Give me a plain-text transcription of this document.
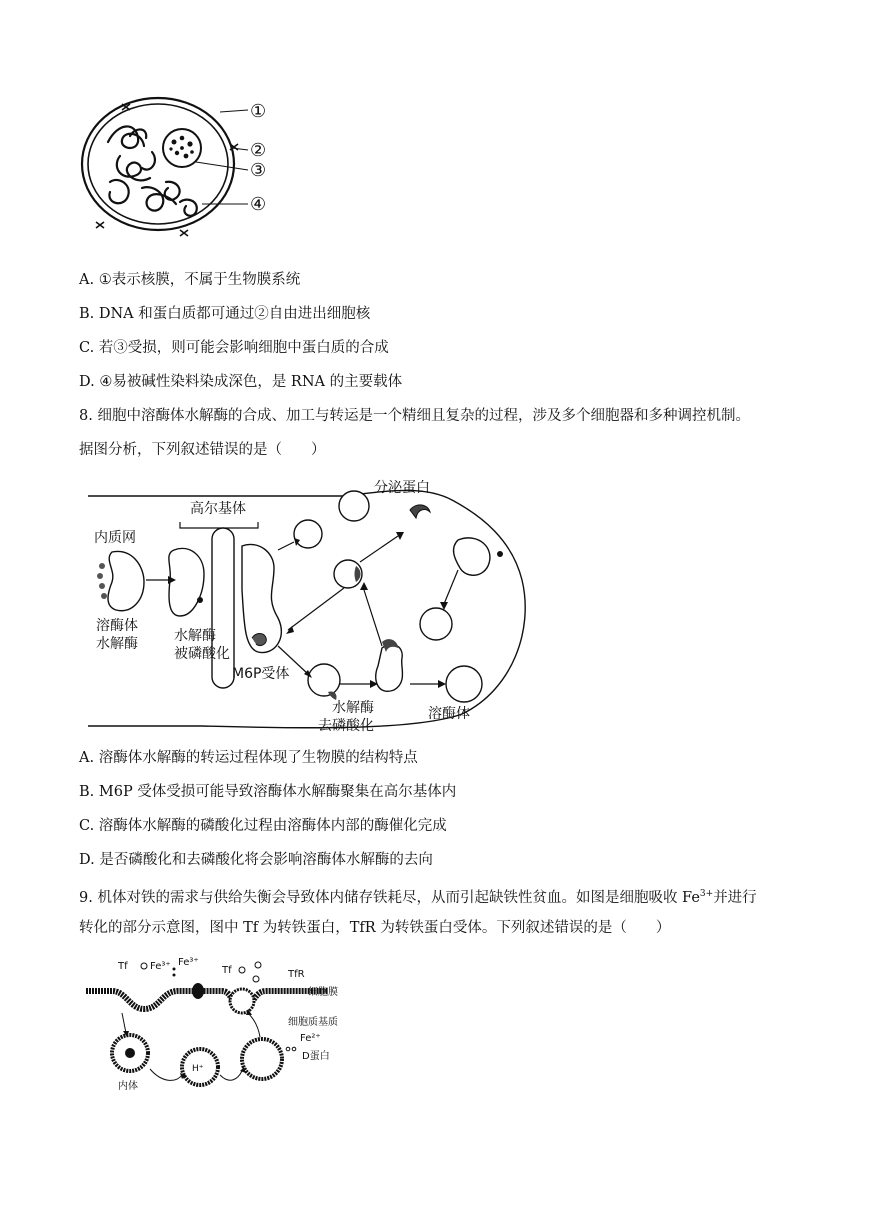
①
②
③
④
A. ①表示核膜，不属于生物膜系统
B. DNA 和蛋白质都可通过②自由进出细胞核
C. 若③受损，则可能会影响细胞中蛋白质的合成
D. ④易被碱性染料染成深色，是 RNA 的主要载体
8. 细胞中溶酶体水解酶的合成、加工与转运是一个精细且复杂的过程，涉及多个细胞器和多种调控机制。
据图分析，下列叙述错误的是（　　）
高尔基体
内质网
溶酶体
水解酶	水解酶
被磷酸化
M6P受体
分泌蛋白
水解酶
去磷酸化
溶酶体
A. 溶酶体水解酶的转运过程体现了生物膜的结构特点
B. M6P 受体受损可能导致溶酶体水解酶聚集在高尔基体内
C. 溶酶体水解酶的磷酸化过程由溶酶体内部的酶催化完成
D. 是否磷酸化和去磷酸化将会影响溶酶体水解酶的去向
9. 机体对铁的需求与供给失衡会导致体内储存铁耗尽，从而引起缺铁性贫血。如图是细胞吸收 $Fe^{3+}$并进行
转化的部分示意图，图中 Tf 为转铁蛋白，TfR 为转铁蛋白受体。下列叙述错误的是（　　）
Tf Fe³⁺ Fe³⁺
Tf	TfR
细胞膜
细胞质基质
Fe²⁺
D蛋白
内体
H⁺
